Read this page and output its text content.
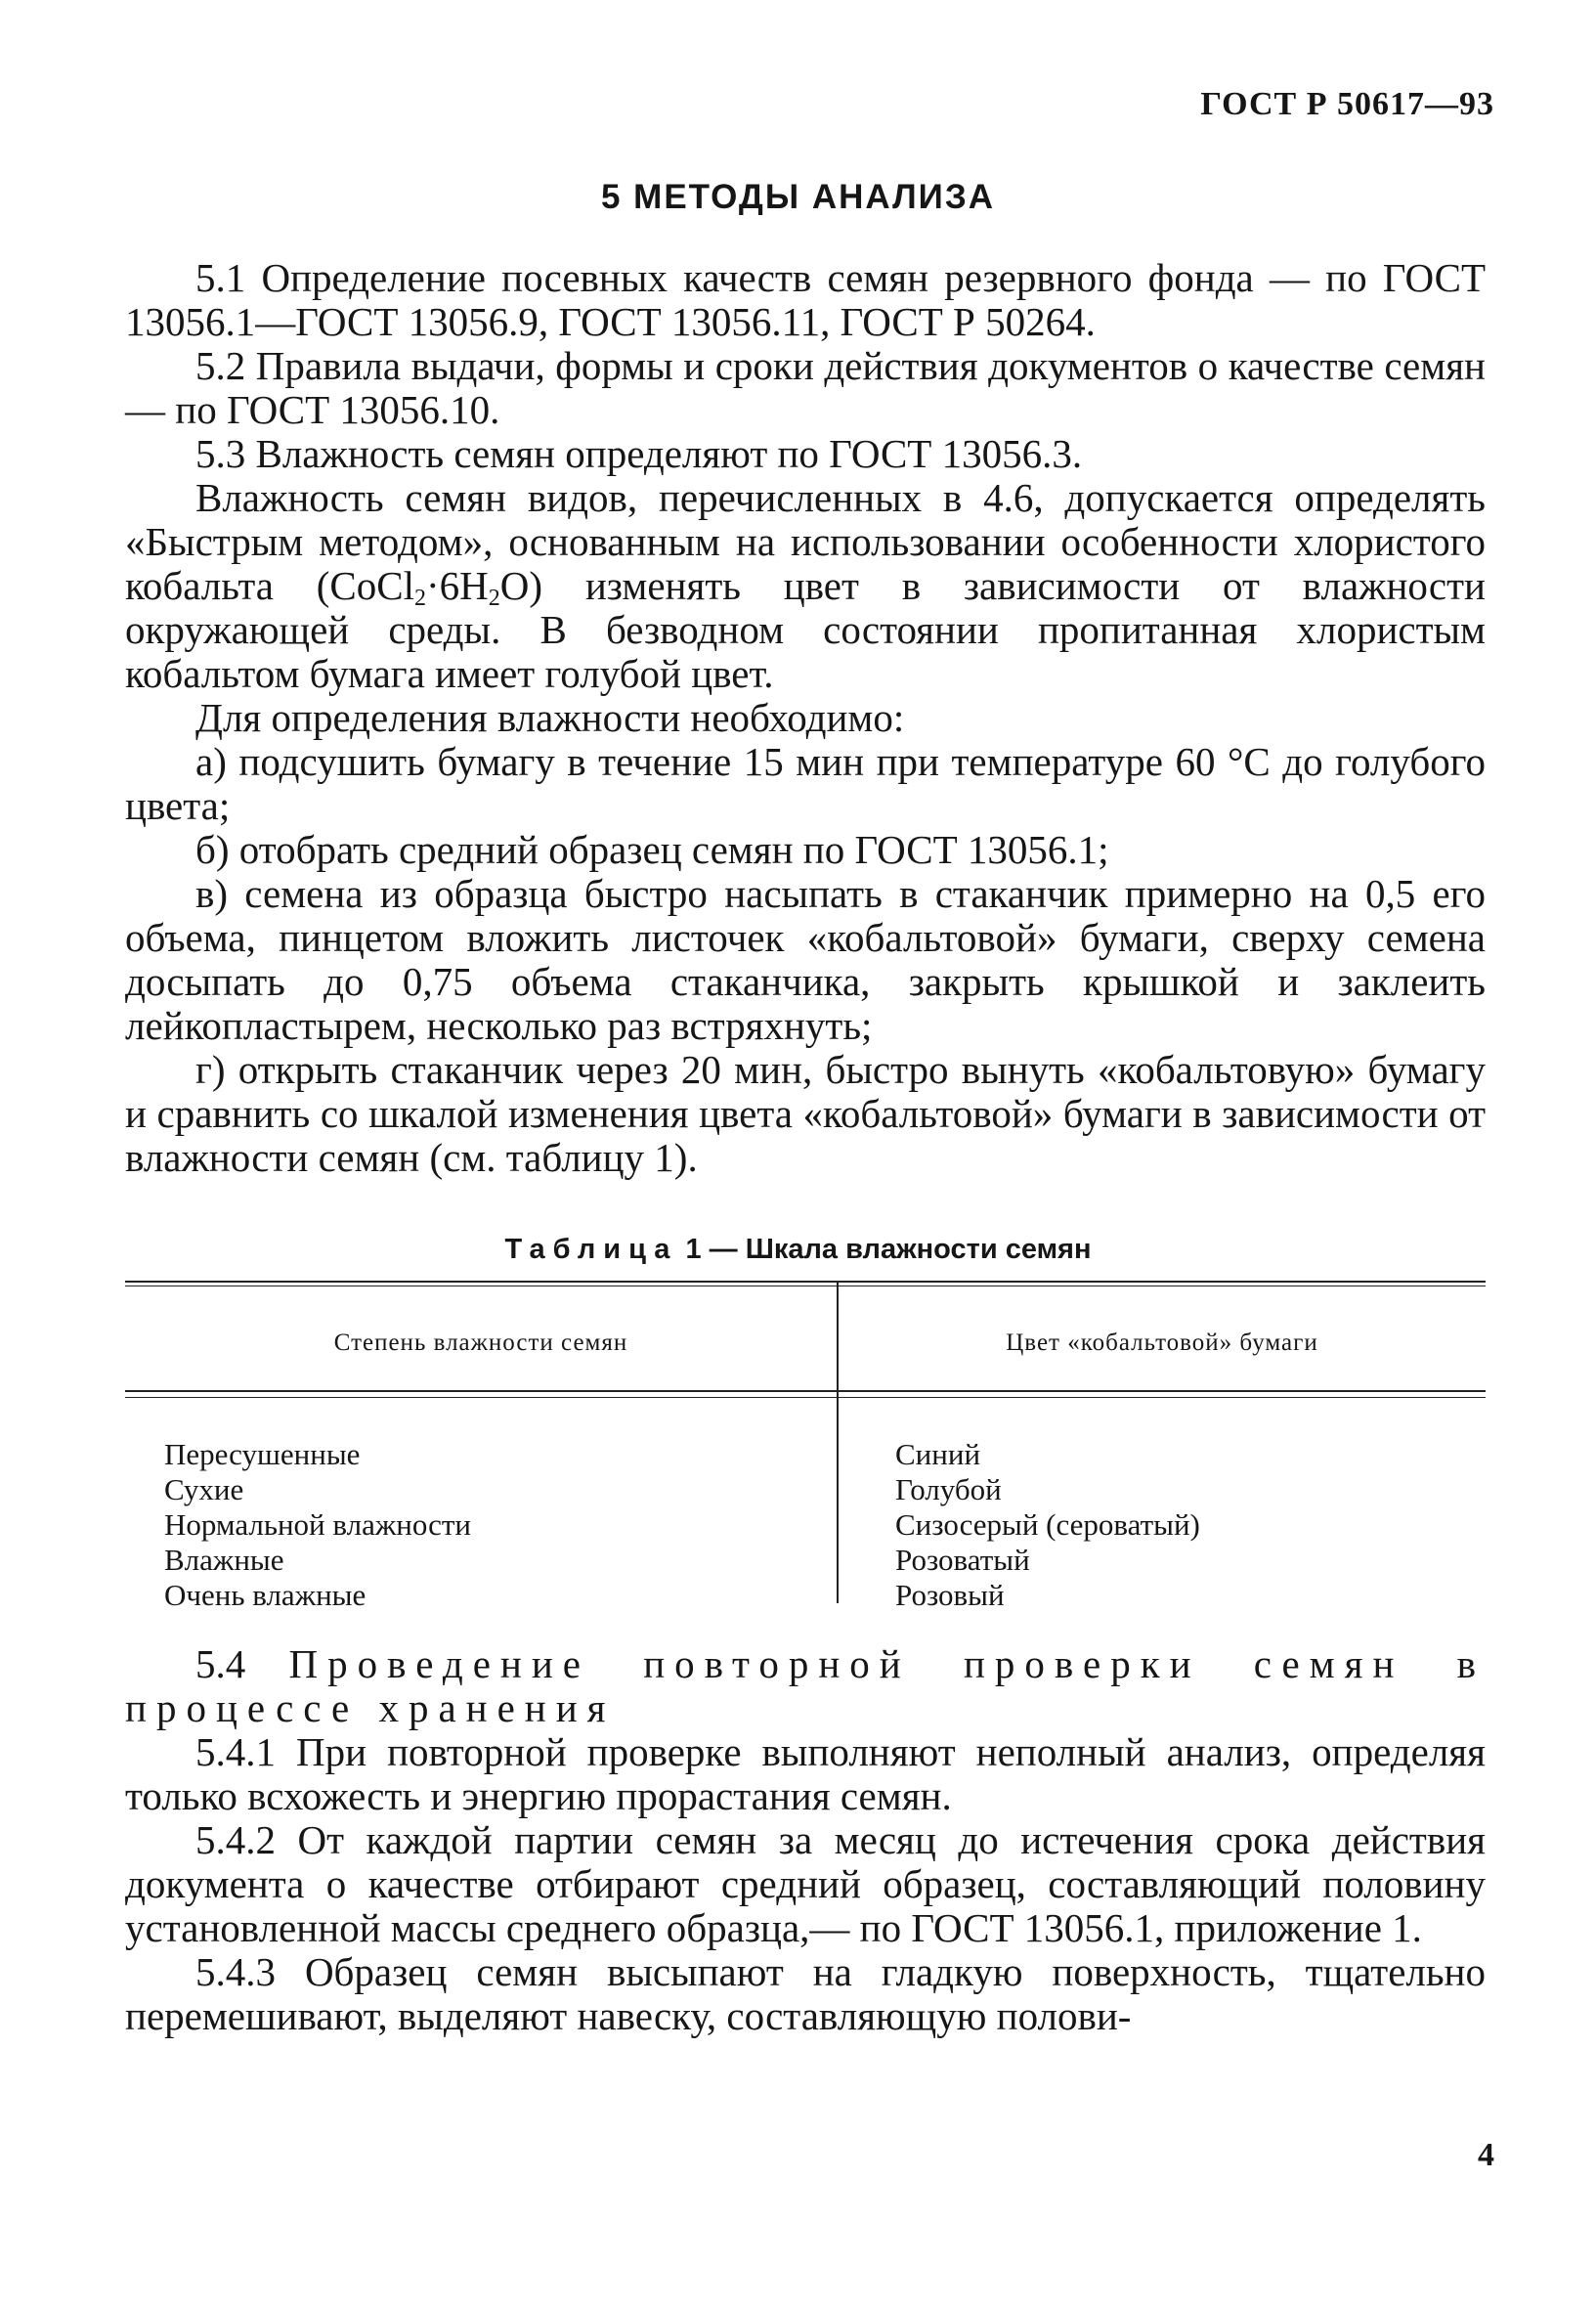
ГОСТ Р 50617—93
5 МЕТОДЫ АНАЛИЗА

5.1 Определение посевных качеств семян резервного фонда — по ГОСТ 13056.1—ГОСТ 13056.9, ГОСТ 13056.11, ГОСТ Р 50264.

5.2 Правила выдачи, формы и сроки действия документов о качестве семян — по ГОСТ 13056.10.

5.3 Влажность семян определяют по ГОСТ 13056.3.

Влажность семян видов, перечисленных в 4.6, допускается определять «Быстрым методом», основанным на использовании особенности хлористого кобальта $(CoCl_2\cdot 6H_2O)$ изменять цвет в зависимости от влажности окружающей среды. В безводном состоянии пропитанная хлористым кобальтом бумага имеет голубой цвет.

Для определения влажности необходимо:

а) подсушить бумагу в течение 15 мин при температуре 60 °С до голубого цвета;

б) отобрать средний образец семян по ГОСТ 13056.1;

в) семена из образца быстро насыпать в стаканчик примерно на 0,5 его объема, пинцетом вложить листочек «кобальтовой» бумаги, сверху семена досыпать до 0,75 объема стаканчика, закрыть крышкой и заклеить лейкопластырем, несколько раз встряхнуть;

г) открыть стаканчик через 20 мин, быстро вынуть «кобальтовую» бумагу и сравнить со шкалой изменения цвета «кобальтовой» бумаги в зависимости от влажности семян (см. таблицу 1).

Таблица 1 — Шкала влажности семян
Степень влажности семян	Цвет «кобальтовой» бумаги
Пересушенные
Сухие
Нормальной влажности
Влажные
Очень влажные
Синий
Голубой
Сизосерый (сероватый)
Розоватый
Розовый

5.4 Проведение повторной проверки семян в процессе хранения

5.4.1 При повторной проверке выполняют неполный анализ, определяя только всхожесть и энергию прорастания семян.

5.4.2 От каждой партии семян за месяц до истечения срока действия документа о качестве отбирают средний образец, составляющий половину установленной массы среднего образца,— по ГОСТ 13056.1, приложение 1.

5.4.3 Образец семян высыпают на гладкую поверхность, тщательно перемешивают, выделяют навеску, составляющую полови-

4
